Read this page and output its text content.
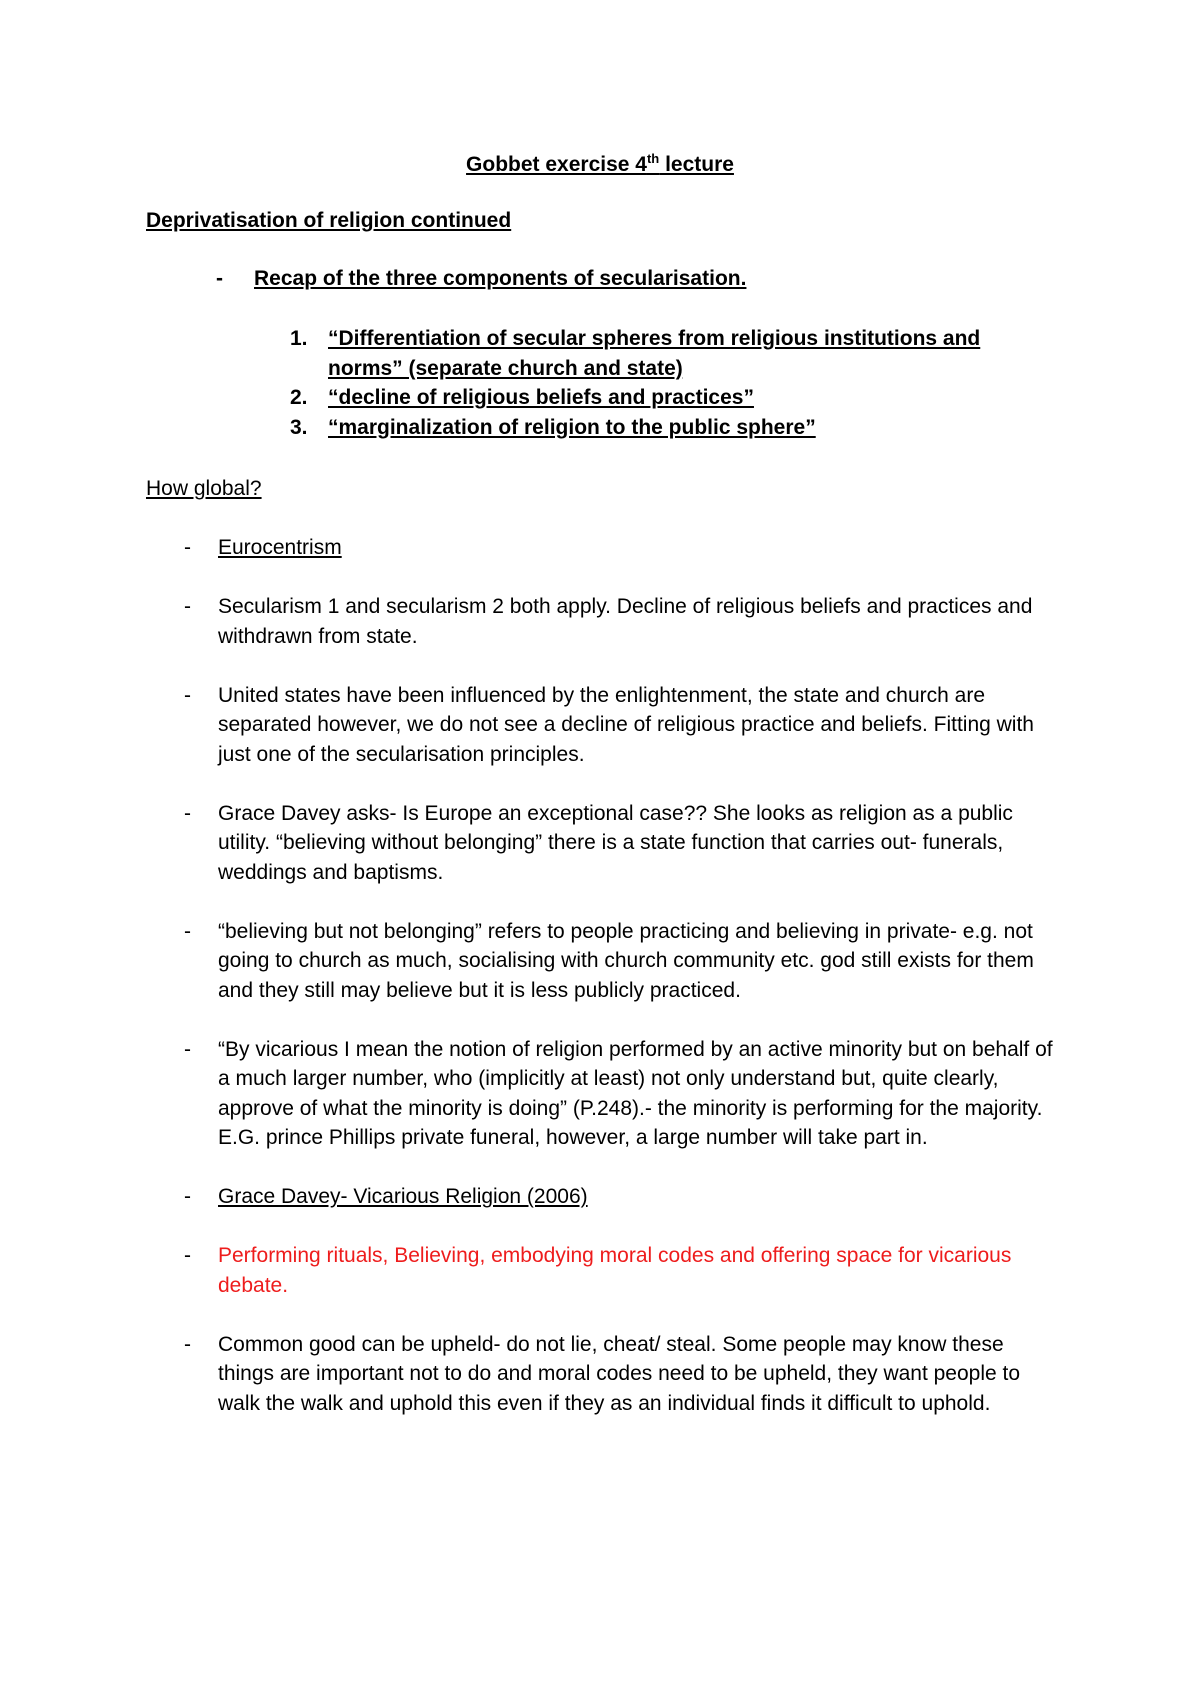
Gobbet exercise 4th lecture
Deprivatisation of religion continued
- Recap of the three components of secularisation.
1. “Differentiation of secular spheres from religious institutions and norms” (separate church and state)
2. “decline of religious beliefs and practices”
3. “marginalization of religion to the public sphere”
How global?
- Eurocentrism
- Secularism 1 and secularism 2 both apply. Decline of religious beliefs and practices and withdrawn from state.
- United states have been influenced by the enlightenment, the state and church are separated however, we do not see a decline of religious practice and beliefs. Fitting with just one of the secularisation principles.
- Grace Davey asks- Is Europe an exceptional case?? She looks as religion as a public utility. “believing without belonging” there is a state function that carries out- funerals, weddings and baptisms.
- “believing but not belonging” refers to people practicing and believing in private- e.g. not going to church as much, socialising with church community etc. god still exists for them and they still may believe but it is less publicly practiced.
- “By vicarious I mean the notion of religion performed by an active minority but on behalf of a much larger number, who (implicitly at least) not only understand but, quite clearly, approve of what the minority is doing” (P.248).- the minority is performing for the majority. E.G. prince Phillips private funeral, however, a large number will take part in.
- Grace Davey- Vicarious Religion (2006)
- Performing rituals, Believing, embodying moral codes and offering space for vicarious debate.
- Common good can be upheld- do not lie, cheat/ steal. Some people may know these things are important not to do and moral codes need to be upheld, they want people to walk the walk and uphold this even if they as an individual finds it difficult to uphold.
